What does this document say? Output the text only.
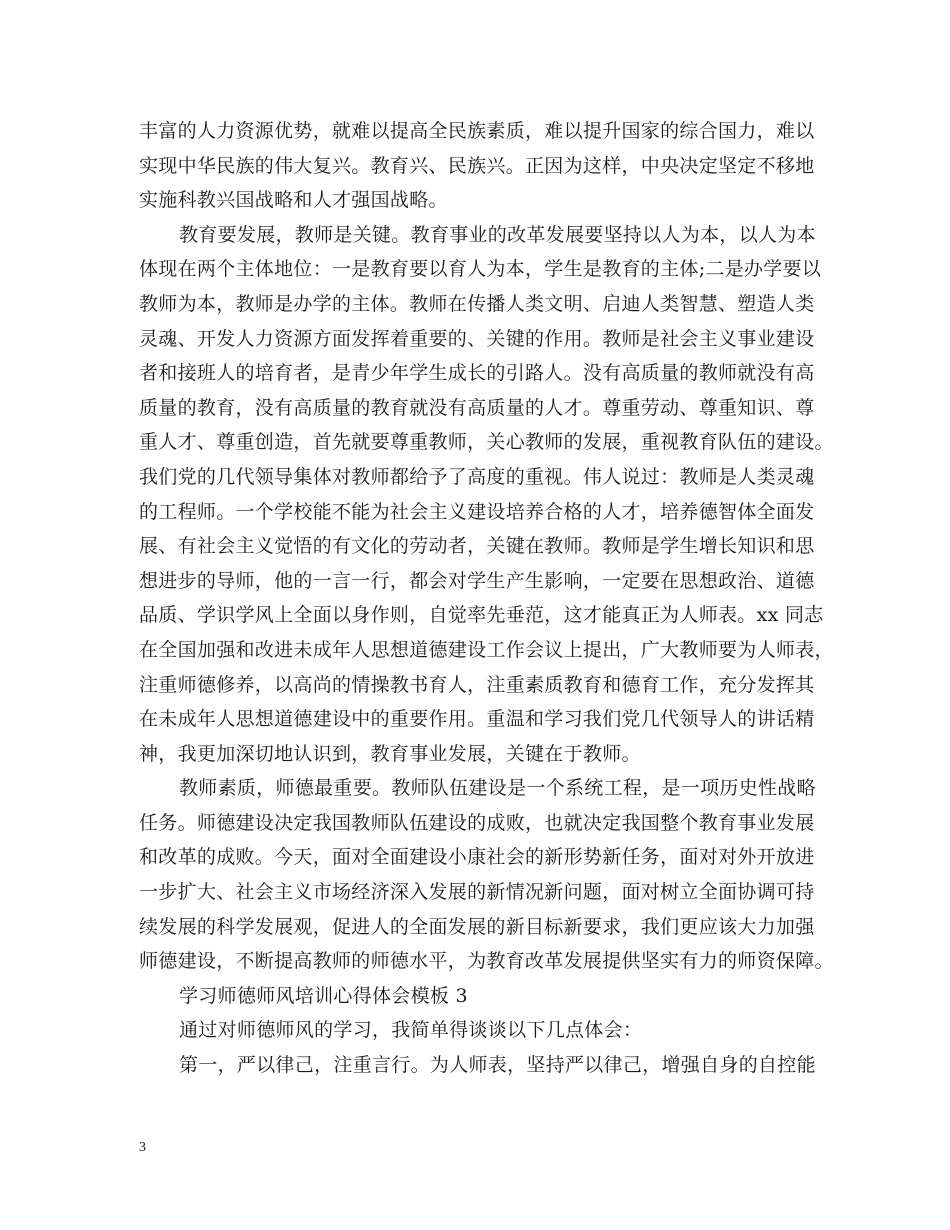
丰富的人力资源优势，就难以提高全民族素质，难以提升国家的综合国力，难以
实现中华民族的伟大复兴。教育兴、民族兴。正因为这样，中央决定坚定不移地
实施科教兴国战略和人才强国战略。
教育要发展，教师是关键。教育事业的改革发展要坚持以人为本，以人为本
体现在两个主体地位：一是教育要以育人为本，学生是教育的主体;二是办学要以
教师为本，教师是办学的主体。教师在传播人类文明、启迪人类智慧、塑造人类
灵魂、开发人力资源方面发挥着重要的、关键的作用。教师是社会主义事业建设
者和接班人的培育者，是青少年学生成长的引路人。没有高质量的教师就没有高
质量的教育，没有高质量的教育就没有高质量的人才。尊重劳动、尊重知识、尊
重人才、尊重创造，首先就要尊重教师，关心教师的发展，重视教育队伍的建设。
我们党的几代领导集体对教师都给予了高度的重视。伟人说过：教师是人类灵魂
的工程师。一个学校能不能为社会主义建设培养合格的人才，培养德智体全面发
展、有社会主义觉悟的有文化的劳动者，关键在教师。教师是学生增长知识和思
想进步的导师，他的一言一行，都会对学生产生影响，一定要在思想政治、道德
品质、学识学风上全面以身作则，自觉率先垂范，这才能真正为人师表。xx 同志
在全国加强和改进未成年人思想道德建设工作会议上提出，广大教师要为人师表，
注重师德修养，以高尚的情操教书育人，注重素质教育和德育工作，充分发挥其
在未成年人思想道德建设中的重要作用。重温和学习我们党几代领导人的讲话精
神，我更加深切地认识到，教育事业发展，关键在于教师。
教师素质，师德最重要。教师队伍建设是一个系统工程，是一项历史性战略
任务。师德建设决定我国教师队伍建设的成败，也就决定我国整个教育事业发展
和改革的成败。今天，面对全面建设小康社会的新形势新任务，面对对外开放进
一步扩大、社会主义市场经济深入发展的新情况新问题，面对树立全面协调可持
续发展的科学发展观，促进人的全面发展的新目标新要求，我们更应该大力加强
师德建设，不断提高教师的师德水平，为教育改革发展提供坚实有力的师资保障。
学习师德师风培训心得体会模板 3
通过对师德师风的学习，我简单得谈谈以下几点体会：
第一，严以律己，注重言行。为人师表，坚持严以律己，增强自身的自控能
3
